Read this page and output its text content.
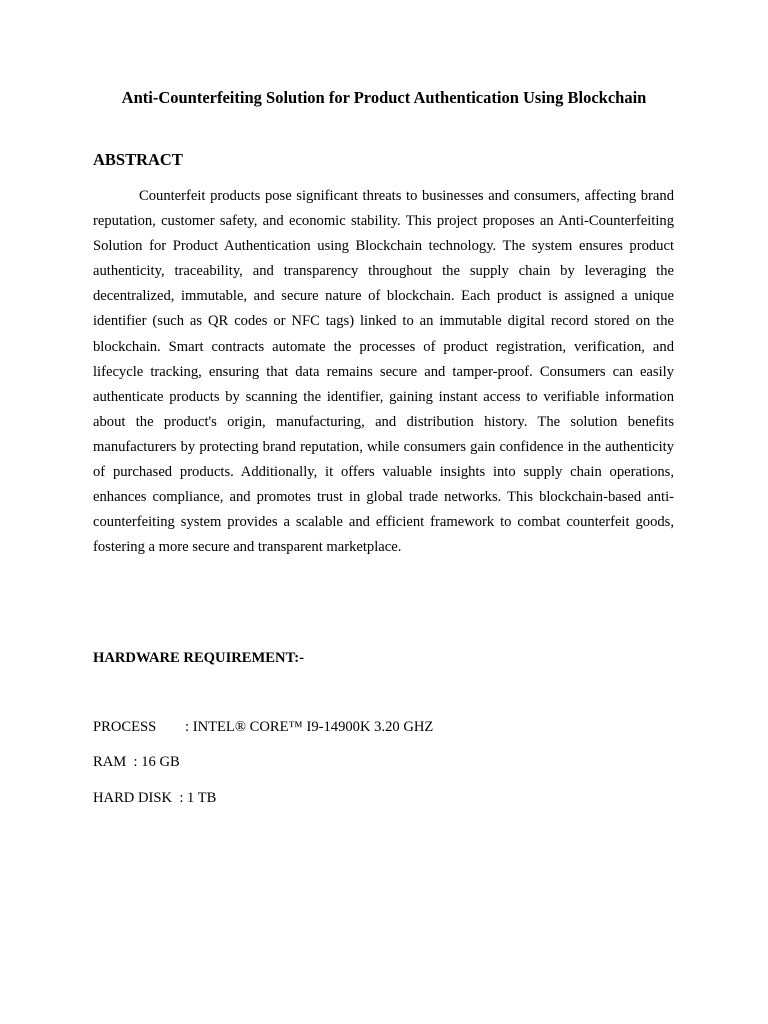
Anti-Counterfeiting Solution for Product Authentication Using Blockchain
ABSTRACT

Counterfeit products pose significant threats to businesses and consumers, affecting brand reputation, customer safety, and economic stability. This project proposes an Anti-Counterfeiting Solution for Product Authentication using Blockchain technology. The system ensures product authenticity, traceability, and transparency throughout the supply chain by leveraging the decentralized, immutable, and secure nature of blockchain. Each product is assigned a unique identifier (such as QR codes or NFC tags) linked to an immutable digital record stored on the blockchain. Smart contracts automate the processes of product registration, verification, and lifecycle tracking, ensuring that data remains secure and tamper-proof. Consumers can easily authenticate products by scanning the identifier, gaining instant access to verifiable information about the product's origin, manufacturing, and distribution history. The solution benefits manufacturers by protecting brand reputation, while consumers gain confidence in the authenticity of purchased products. Additionally, it offers valuable insights into supply chain operations, enhances compliance, and promotes trust in global trade networks. This blockchain-based anti-counterfeiting system provides a scalable and efficient framework to combat counterfeit goods, fostering a more secure and transparent marketplace.

HARDWARE REQUIREMENT:-
PROCESS : INTEL® CORE™ I9-14900K 3.20 GHZ
RAM  : 16 GB
HARD DISK  : 1 TB
